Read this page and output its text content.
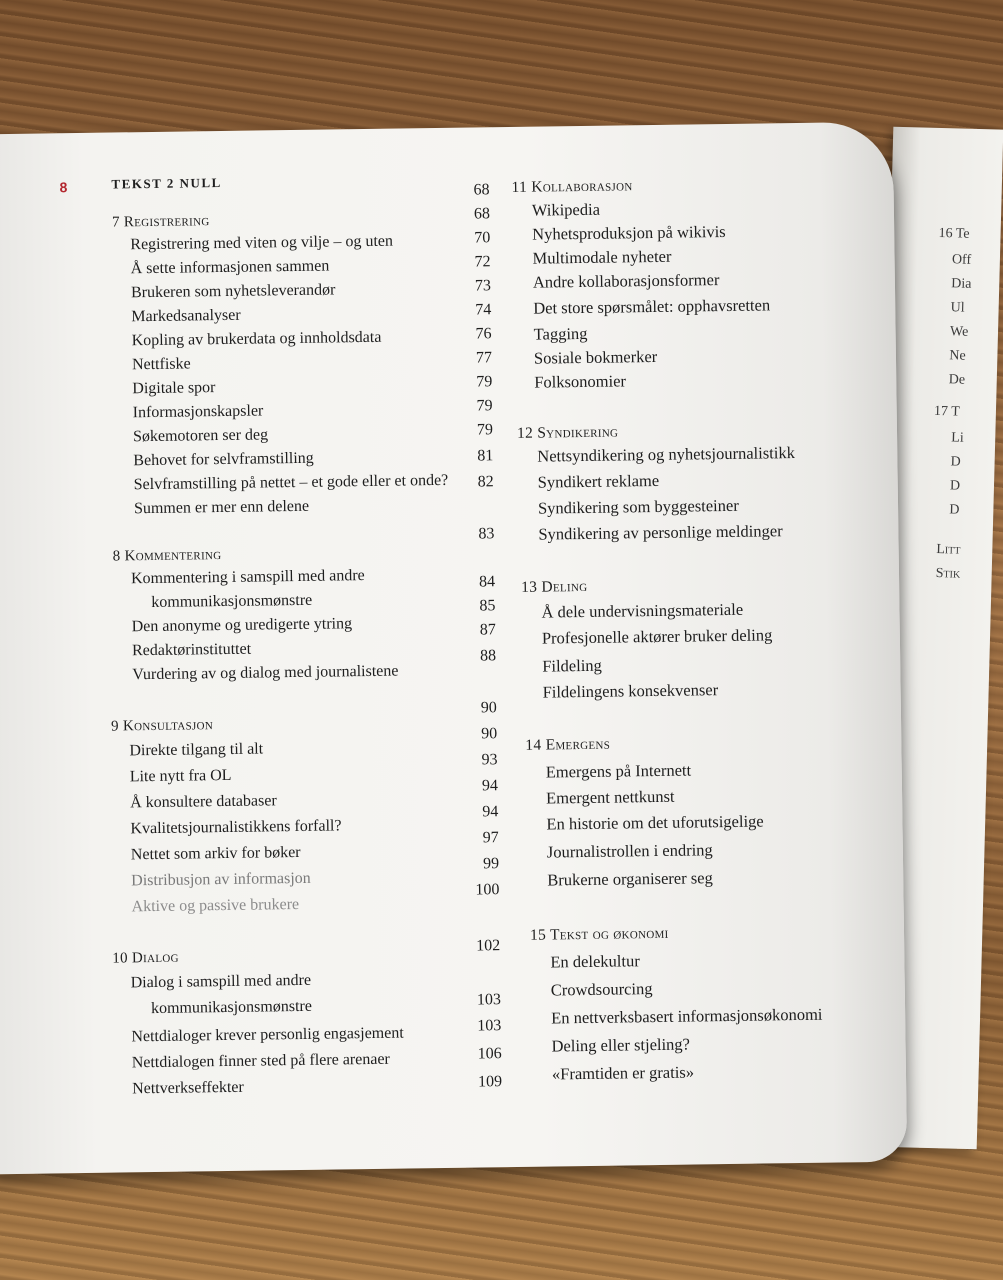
16 Te
Off
Dia
Ul
We
Ne
De
17 T
Li
D
D
D
Litt
Stik
8	TEKST 2 NULL
7 Registrering
Registrering med viten og vilje – og uten
Å sette informasjonen sammen
Brukeren som nyhetsleverandør
Markedsanalyser
Kopling av brukerdata og innholdsdata
Nettfiske
Digitale spor
Informasjonskapsler
Søkemotoren ser deg
Behovet for selvframstilling
Selvframstilling på nettet – et gode eller et onde?
Summen er mer enn delene
8 Kommentering
Kommentering i samspill med andre
kommunikasjonsmønstre
Den anonyme og uredigerte ytring
Redaktørinstituttet
Vurdering av og dialog med journalistene
9 Konsultasjon
Direkte tilgang til alt
Lite nytt fra OL
Å konsultere databaser
Kvalitetsjournalistikkens forfall?
Nettet som arkiv for bøker
Distribusjon av informasjon
Aktive og passive brukere
10 Dialog
Dialog i samspill med andre
kommunikasjonsmønstre
Nettdialoger krever personlig engasjement
Nettdialogen finner sted på flere arenaer
Nettverkseffekter
68
68
70
72
73
74
76
77
79
79
79
81
82
83
84
85
87
88
90
90
93
94
94
97
99
100
102
103
103
106
109
11 Kollaborasjon
Wikipedia
Nyhetsproduksjon på wikivis
Multimodale nyheter
Andre kollaborasjonsformer
Det store spørsmålet: opphavsretten
Tagging
Sosiale bokmerker
Folksonomier
12 Syndikering
Nettsyndikering og nyhetsjournalistikk
Syndikert reklame
Syndikering som byggesteiner
Syndikering av personlige meldinger
13 Deling
Å dele undervisningsmateriale
Profesjonelle aktører bruker deling
Fildeling
Fildelingens konsekvenser
14 Emergens
Emergens på Internett
Emergent nettkunst
En historie om det uforutsigelige
Journalistrollen i endring
Brukerne organiserer seg
15 Tekst og økonomi
En delekultur
Crowdsourcing
En nettverksbasert informasjonsøkonomi
Deling eller stjeling?
«Framtiden er gratis»
